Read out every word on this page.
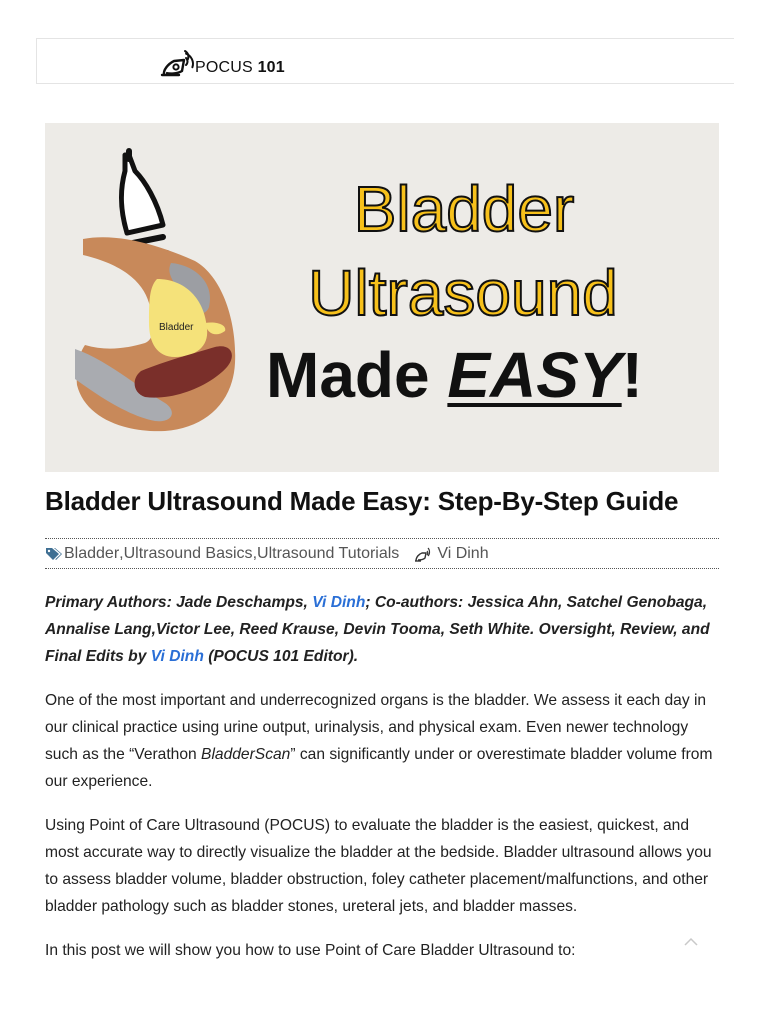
POCUS 101
Bladder
Bladder
Ultrasound
Made EASY!
Bladder Ultrasound Made Easy: Step-By-Step Guide
Bladder , Ultrasound Basics , Ultrasound Tutorials Vi Dinh

Primary Authors: Jade Deschamps, Vi Dinh; Co-authors: Jessica Ahn, Satchel Genobaga, Annalise Lang,Victor Lee, Reed Krause, Devin Tooma, Seth White. Oversight, Review, and Final Edits by Vi Dinh (POCUS 101 Editor).

One of the most important and underrecognized organs is the bladder. We assess it each day in our clinical practice using urine output, urinalysis, and physical exam. Even newer technology such as the “Verathon BladderScan” can significantly under or overestimate bladder volume from our experience.

Using Point of Care Ultrasound (POCUS) to evaluate the bladder is the easiest, quickest, and most accurate way to directly visualize the bladder at the bedside. Bladder ultrasound allows you to assess bladder volume, bladder obstruction, foley catheter placement/malfunctions, and other bladder pathology such as bladder stones, ureteral jets, and bladder masses.

In this post we will show you how to use Point of Care Bladder Ultrasound to:
